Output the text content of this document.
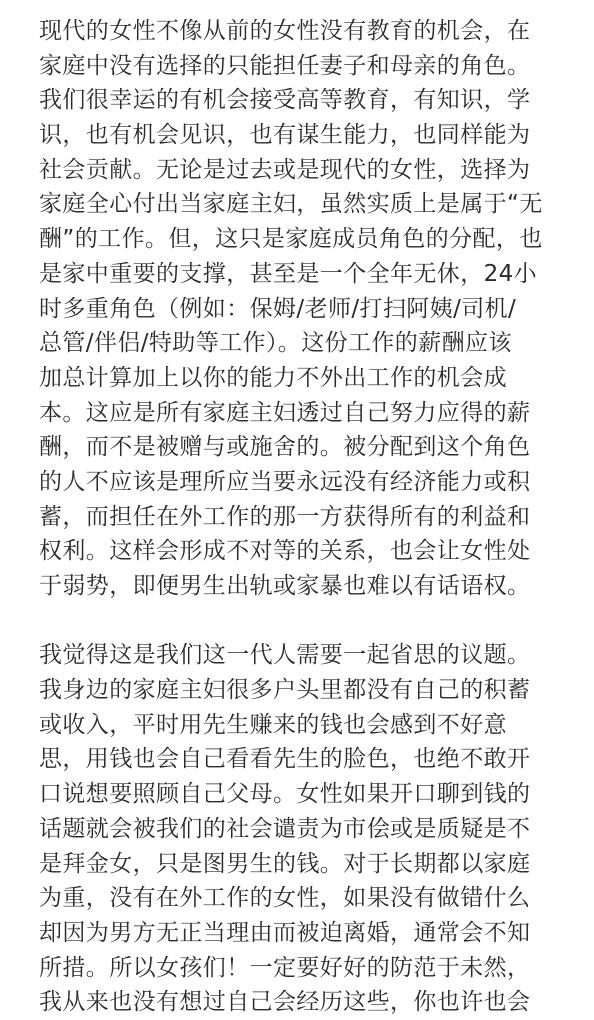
现代的女性不像从前的女性没有教育的机会，在
家庭中没有选择的只能担任妻子和母亲的角色。
我们很幸运的有机会接受高等教育，有知识，学
识，也有机会见识，也有谋生能力，也同样能为
社会贡献。无论是过去或是现代的女性，选择为
家庭全心付出当家庭主妇，虽然实质上是属于“无
酬”的工作。但，这只是家庭成员角色的分配，也
是家中重要的支撑，甚至是一个全年无休，24小
时多重角色（例如：保姆/老师/打扫阿姨/司机/
总管/伴侣/特助等工作）。这份工作的薪酬应该
加总计算加上以你的能力不外出工作的机会成
本。这应是所有家庭主妇透过自己努力应得的薪
酬，而不是被赠与或施舍的。被分配到这个角色
的人不应该是理所应当要永远没有经济能力或积
蓄，而担任在外工作的那一方获得所有的利益和
权利。这样会形成不对等的关系，也会让女性处
于弱势，即便男生出轨或家暴也难以有话语权。
我觉得这是我们这一代人需要一起省思的议题。
我身边的家庭主妇很多户头里都没有自己的积蓄
或收入，平时用先生赚来的钱也会感到不好意
思，用钱也会自己看看先生的脸色，也绝不敢开
口说想要照顾自己父母。女性如果开口聊到钱的
话题就会被我们的社会谴责为市侩或是质疑是不
是拜金女，只是图男生的钱。对于长期都以家庭
为重，没有在外工作的女性，如果没有做错什么
却因为男方无正当理由而被迫离婚，通常会不知
所措。所以女孩们！一定要好好的防范于未然，
我从来也没有想过自己会经历这些，你也许也会
